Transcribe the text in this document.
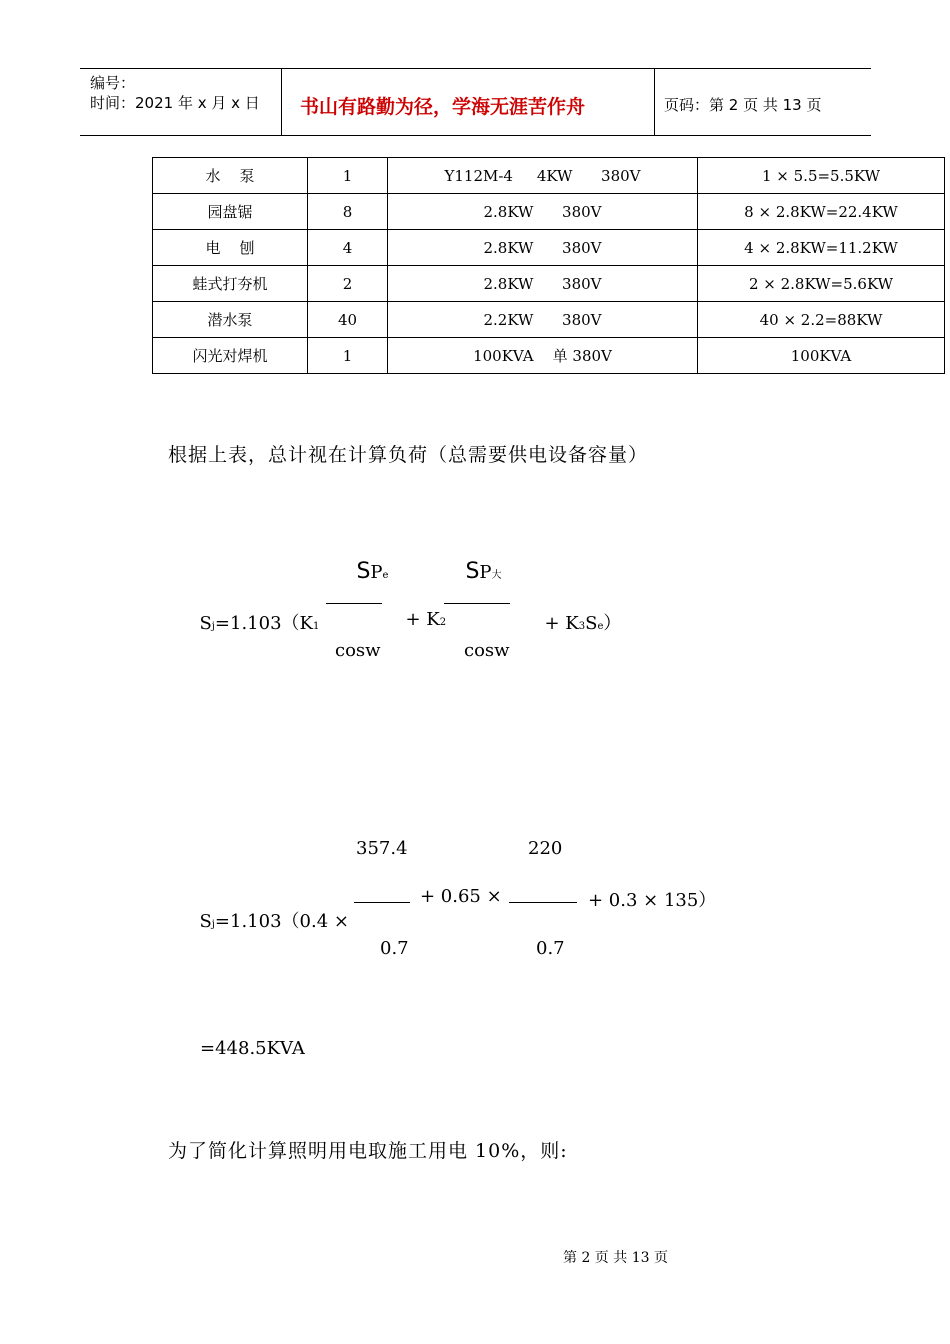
编号：
时间：2021 年 x 月 x 日 书山有路勤为径，学海无涯苦作舟	页码：第 2 页 共 13 页
水    泵	1	Y112M-4     4KW      380V	1 × 5.5=5.5KW
园盘锯	8	2.8KW      380V	8 × 2.8KW=22.4KW
电    刨	4	2.8KW      380V	4 × 2.8KW=11.2KW
蛙式打夯机	2	2.8KW      380V	2 × 2.8KW=5.6KW
潜水泵	40	2.2KW      380V	40 × 2.2=88KW
闪光对焊机	1	100KVA    单 380V	100KVA
根据上表，总计视在计算负荷（总需要供电设备容量）

SPe	SP大

Sj=1.103（K1	+ K2	+ K3Se）

cosw	cosw
357.4	220

Sj=1.103（0.4 ×

+ 0.65 ×	+ 0.3 × 135）
0.7	0.7
=448.5KVA
为了简化计算照明用电取施工用电 10%，则:
第 2 页 共 13 页
